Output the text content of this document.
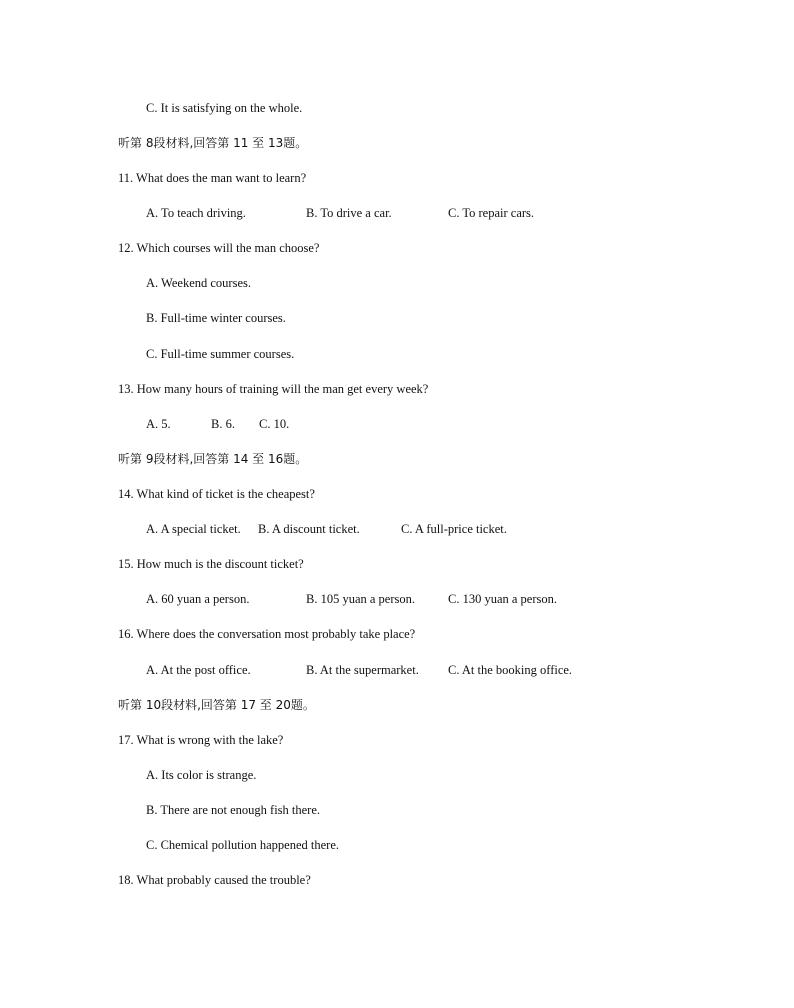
C. It is satisfying on the whole.
听第 8段材料,回答第 11 至 13题。
11. What does the man want to learn?
A. To teach driving.	B. To drive a car.	C. To repair cars.
12. Which courses will the man choose?
A. Weekend courses.
B. Full-time winter courses.
C. Full-time summer courses.
13. How many hours of training will the man get every week?
A. 5.	B. 6. C. 10.
听第 9段材料,回答第 14 至 16题。
14. What kind of ticket is the cheapest?
A. A special ticket. B. A discount ticket.	C. A full-price ticket.
15. How much is the discount ticket?
A. 60 yuan a person.	B. 105 yuan a person.	C. 130 yuan a person.
16. Where does the conversation most probably take place?
A. At the post office.	B. At the supermarket. C. At the booking office.
听第 10段材料,回答第 17 至 20题。
17. What is wrong with the lake?
A. Its color is strange.
B. There are not enough fish there.
C. Chemical pollution happened there.
18. What probably caused the trouble?
